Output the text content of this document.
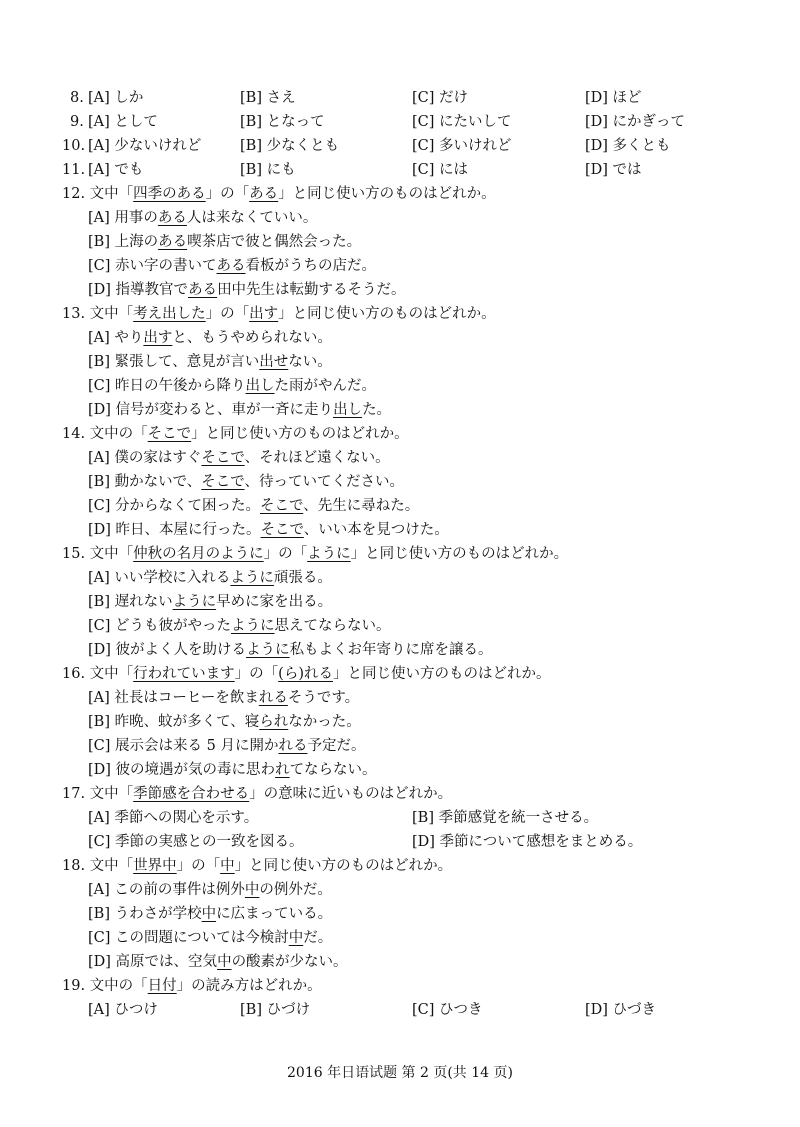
8. [A] しか	[B] さえ	[C] だけ	[D] ほど
9. [A] として	[B] となって	[C] にたいして	[D] にかぎって
10. [A] 少ないけれど	[B] 少なくとも	[C] 多いけれど	[D] 多くとも
11. [A] でも	[B] にも	[C] には	[D] では
12. 文中「四季のある」の「ある」と同じ使い方のものはどれか。
[A] 用事のある人は来なくていい。
[B] 上海のある喫茶店で彼と偶然会った。
[C] 赤い字の書いてある看板がうちの店だ。
[D] 指導教官である田中先生は転勤するそうだ。
13. 文中「考え出した」の「出す」と同じ使い方のものはどれか。
[A] やり出すと、もうやめられない。
[B] 緊張して、意見が言い出せない。
[C] 昨日の午後から降り出した雨がやんだ。
[D] 信号が変わると、車が一斉に走り出した。
14. 文中の「そこで」と同じ使い方のものはどれか。
[A] 僕の家はすぐそこで、それほど遠くない。
[B] 動かないで、そこで、待っていてください。
[C] 分からなくて困った。そこで、先生に尋ねた。
[D] 昨日、本屋に行った。そこで、いい本を見つけた。
15. 文中「仲秋の名月のように」の「ように」と同じ使い方のものはどれか。
[A] いい学校に入れるように頑張る。
[B] 遅れないように早めに家を出る。
[C] どうも彼がやったように思えてならない。
[D] 彼がよく人を助けるように私もよくお年寄りに席を譲る。
16. 文中「行われています」の「(ら)れる」と同じ使い方のものはどれか。
[A] 社長はコーヒーを飲まれるそうです。
[B] 昨晩、蚊が多くて、寝られなかった。
[C] 展示会は来る 5 月に開かれる予定だ。
[D] 彼の境遇が気の毒に思われてならない。
17. 文中「季節感を合わせる」の意味に近いものはどれか。
[A] 季節への関心を示す。	[B] 季節感覚を統一させる。
[C] 季節の実感との一致を図る。	[D] 季節について感想をまとめる。
18. 文中「世界中」の「中」と同じ使い方のものはどれか。
[A] この前の事件は例外中の例外だ。
[B] うわさが学校中に広まっている。
[C] この問題については今検討中だ。
[D] 高原では、空気中の酸素が少ない。
19. 文中の「日付」の読み方はどれか。
[A] ひつけ	[B] ひづけ	[C] ひつき	[D] ひづき
2016 年日语试题 第 2 页(共 14 页)
